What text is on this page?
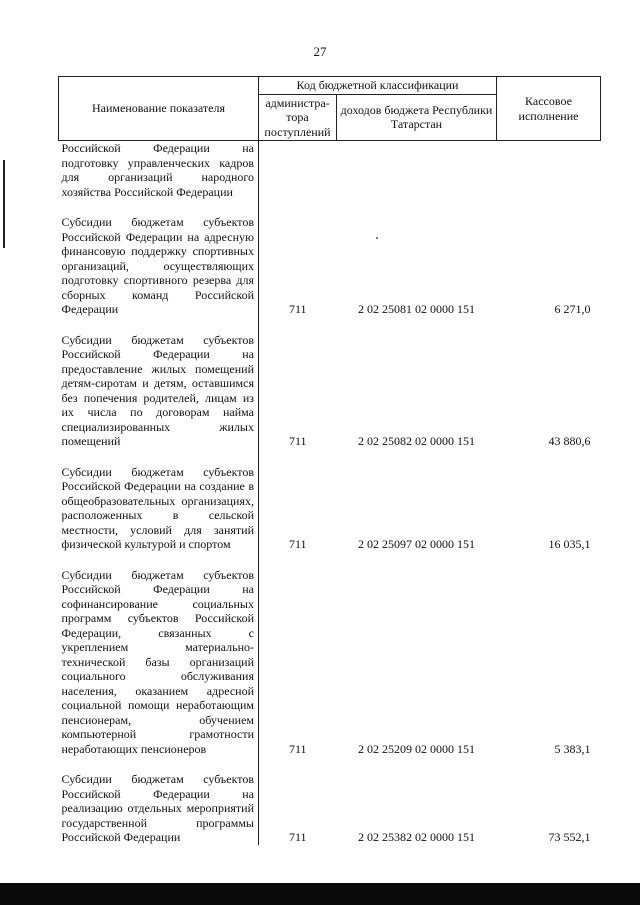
27
Наименование показателя	Код бюджетной классификации		Кассовое исполнение
	администра-тора поступлений	доходов бюджета Республики Татарстан	
Российской Федерации на подготовку управленческих кадров для организаций народного хозяйства Российской Федерации			

Субсидии бюджетам субъектов Российской Федерации на адресную финансовую поддержку спортивных организаций, осуществляющих подготовку спортивного резерва для сборных команд Российской Федерации	711	2 02 25081 02 0000 151	6 271,0

Субсидии бюджетам субъектов Российской Федерации на предоставление жилых помещений детям-сиротам и детям, оставшимся без попечения родителей, лицам из их числа по договорам найма специализированных жилых помещений	711	2 02 25082 02 0000 151	43 880,6

Субсидии бюджетам субъектов Российской Федерации на создание в общеобразовательных организациях, расположенных в сельской местности, условий для занятий физической культурой и спортом	711	2 02 25097 02 0000 151	16 035,1

Субсидии бюджетам субъектов Российской Федерации на софинансирование социальных программ субъектов Российской Федерации, связанных с укреплением материально-технической базы организаций социального обслуживания населения, оказанием адресной социальной помощи неработающим пенсионерам, обучением компьютерной грамотности неработающих пенсионеров	711	2 02 25209 02 0000 151	5 383,1

Субсидии бюджетам субъектов Российской Федерации на реализацию отдельных мероприятий государственной программы Российской Федерации	711	2 02 25382 02 0000 151	73 552,1
